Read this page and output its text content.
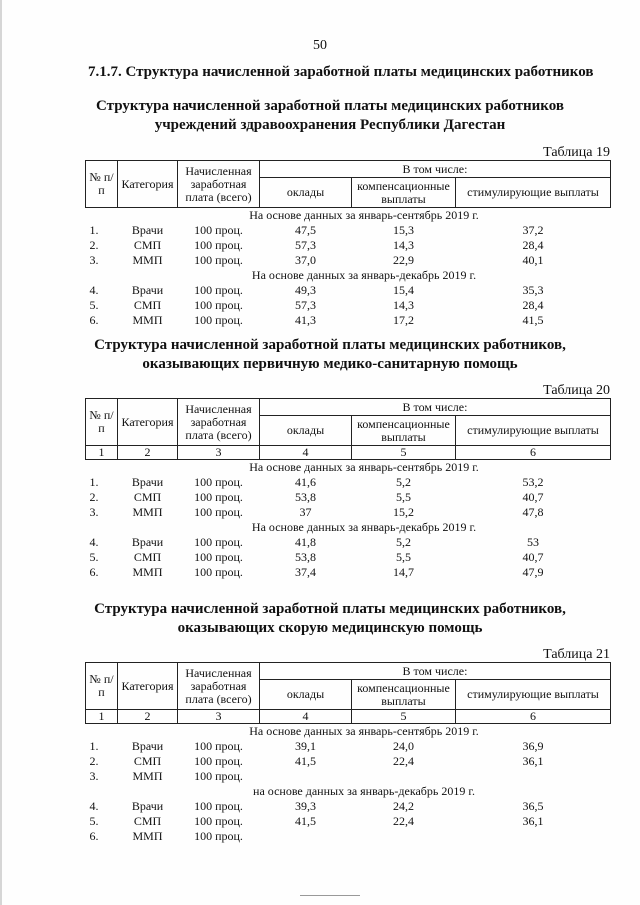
50
7.1.7. Структура начисленной заработной платы медицинских работников
Структура начисленной заработной платы медицинских работников
учреждений здравоохранения Республики Дагестан
Таблица 19
№ п/п	Категория	Начисленная заработная плата (всего)	В том числе:		
			оклады	компенсационные выплаты	стимулирующие выплаты
	На основе данных за январь-сентябрь 2019 г.				
1.	Врачи	100 проц.	47,5	15,3	37,2
2.	СМП	100 проц.	57,3	14,3	28,4
3.	ММП	100 проц.	37,0	22,9	40,1
	На основе данных за январь-декабрь 2019 г.				
4.	Врачи	100 проц.	49,3	15,4	35,3
5.	СМП	100 проц.	57,3	14,3	28,4
6.	ММП	100 проц.	41,3	17,2	41,5
Структура начисленной заработной платы медицинских работников,
оказывающих первичную медико-санитарную помощь
Таблица 20
№ п/п	Категория	Начисленная заработная плата (всего)	В том числе:		
			оклады	компенсационные выплаты	стимулирующие выплаты
1	2	3	4	5	6
	На основе данных за январь-сентябрь 2019 г.				
1.	Врачи	100 проц.	41,6	5,2	53,2
2.	СМП	100 проц.	53,8	5,5	40,7
3.	ММП	100 проц.	37	15,2	47,8
	На основе данных за январь-декабрь 2019 г.				
4.	Врачи	100 проц.	41,8	5,2	53
5.	СМП	100 проц.	53,8	5,5	40,7
6.	ММП	100 проц.	37,4	14,7	47,9
Структура начисленной заработной платы медицинских работников,
оказывающих скорую медицинскую помощь
Таблица 21
№ п/п	Категория	Начисленная заработная плата (всего)	В том числе:		
			оклады	компенсационные выплаты	стимулирующие выплаты
1	2	3	4	5	6
	На основе данных за январь-сентябрь 2019 г.				
1.	Врачи	100 проц.	39,1	24,0	36,9
2.	СМП	100 проц.	41,5	22,4	36,1
3.	ММП	100 проц.			
	на основе данных за январь-декабрь 2019 г.				
4.	Врачи	100 проц.	39,3	24,2	36,5
5.	СМП	100 проц.	41,5	22,4	36,1
6.	ММП	100 проц.			
